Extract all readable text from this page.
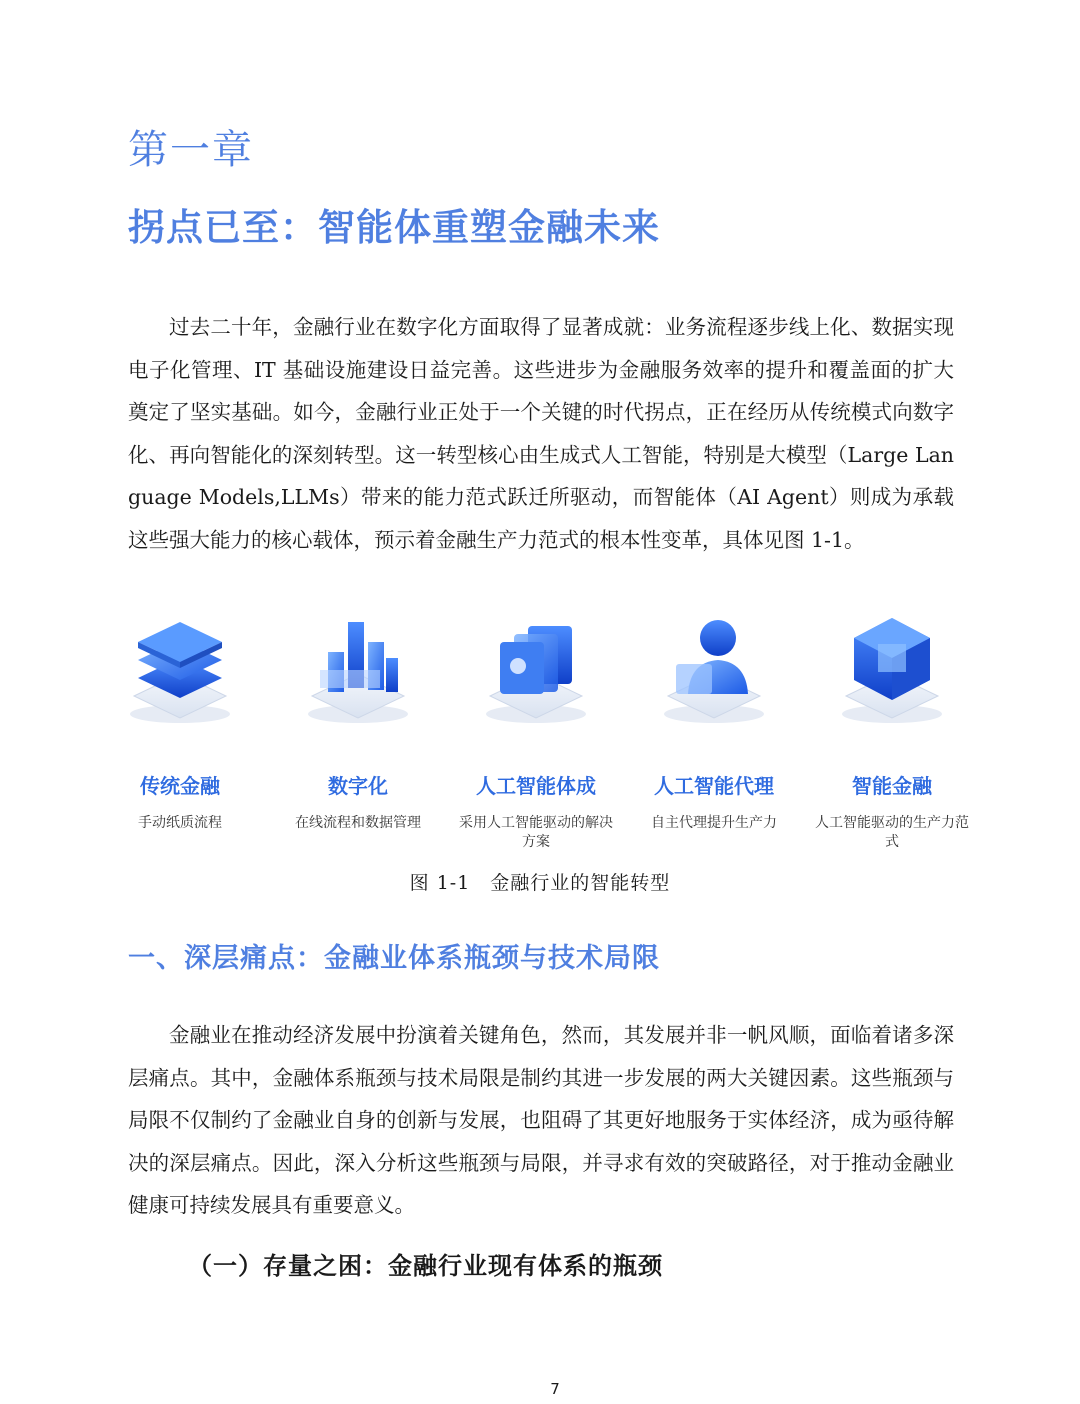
第一章
拐点已至：智能体重塑金融未来

过去二十年，金融行业在数字化方面取得了显著成就：业务流程逐步线上化、数据实现电子化管理、IT 基础设施建设日益完善。这些进步为金融服务效率的提升和覆盖面的扩大奠定了坚实基础。如今，金融行业正处于一个关键的时代拐点，正在经历从传统模式向数字化、再向智能化的深刻转型。这一转型核心由生成式人工智能，特别是大模型（Large Language Models,LLMs）带来的能力范式跃迁所驱动，而智能体（AI Agent）则成为承载这些强大能力的核心载体，预示着金融生产力范式的根本性变革，具体见图 1-1。

传统金融
手动纸质流程
数字化
在线流程和数据管理
人工智能体成
采用人工智能驱动的解决方案
人工智能代理
自主代理提升生产力
智能金融
人工智能驱动的生产力范式
图 1-1　金融行业的智能转型
一、深层痛点：金融业体系瓶颈与技术局限

金融业在推动经济发展中扮演着关键角色，然而，其发展并非一帆风顺，面临着诸多深层痛点。其中，金融体系瓶颈与技术局限是制约其进一步发展的两大关键因素。这些瓶颈与局限不仅制约了金融业自身的创新与发展，也阻碍了其更好地服务于实体经济，成为亟待解决的深层痛点。因此，深入分析这些瓶颈与局限，并寻求有效的突破路径，对于推动金融业健康可持续发展具有重要意义。

（一）存量之困：金融行业现有体系的瓶颈
7
